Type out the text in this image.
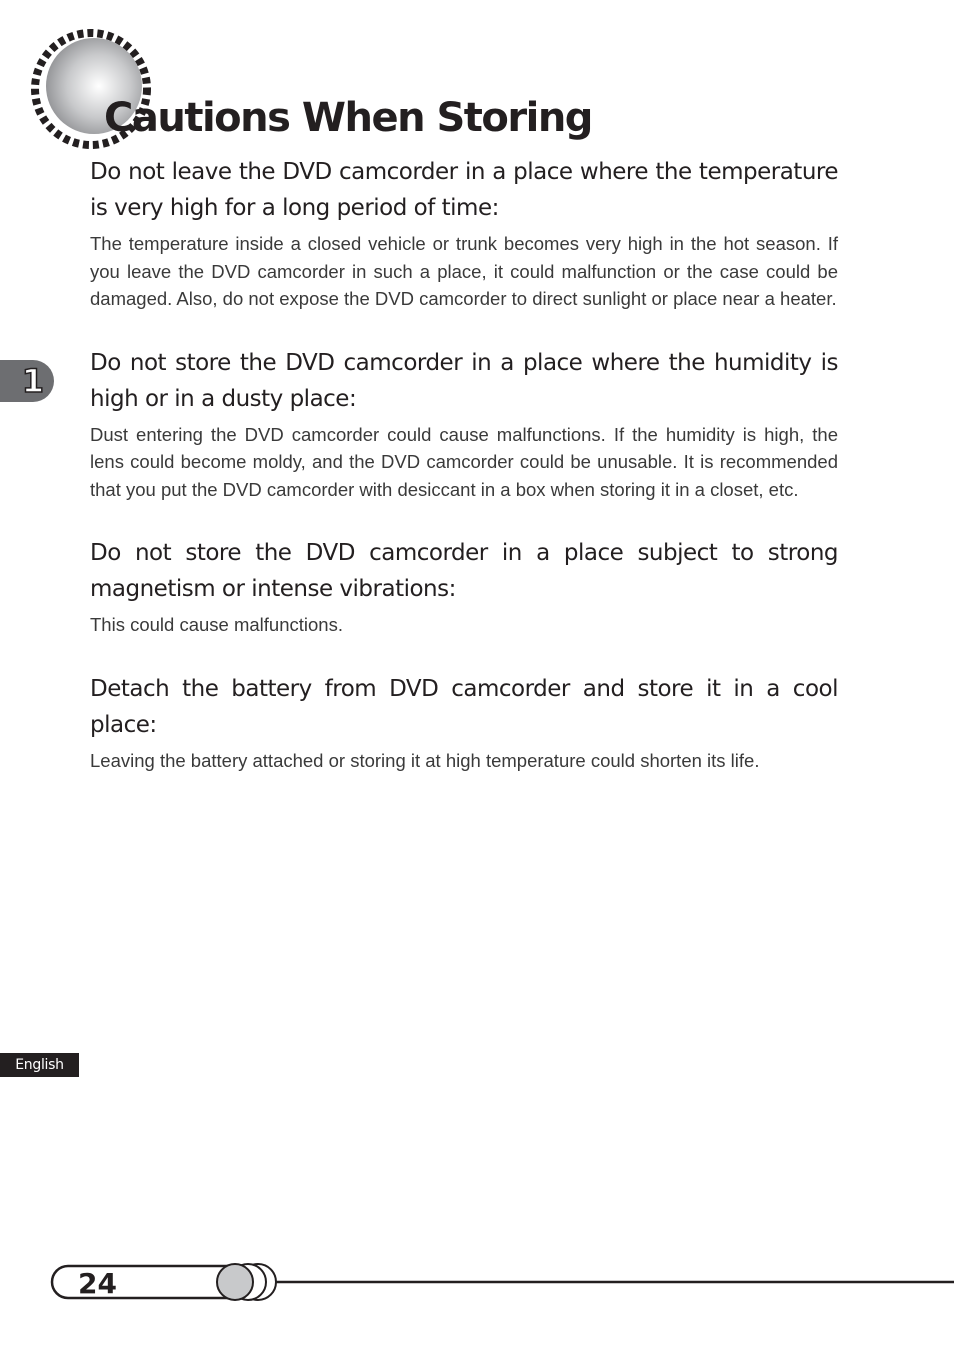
Cautions When Storing
1
Do not leave the DVD camcorder in a place where the temperature is very high for a long period of time:

The temperature inside a closed vehicle or trunk becomes very high in the hot season. If you leave the DVD camcorder in such a place, it could malfunction or the case could be damaged. Also, do not expose the DVD camcorder to direct sunlight or place near a heater.

Do not store the DVD camcorder in a place where the humidity is high or in a dusty place:

Dust entering the DVD camcorder could cause malfunctions. If the humidity is high, the lens could become moldy, and the DVD camcorder could be unusable. It is recommended that you put the DVD camcorder with desiccant in a box when storing it in a closet, etc.

Do not store the DVD camcorder in a place subject to strong magnetism or intense vibrations:

This could cause malfunctions.

Detach the battery from DVD camcorder and store it in a cool place:

Leaving the battery attached or storing it at high temperature could shorten its life.

English
24
